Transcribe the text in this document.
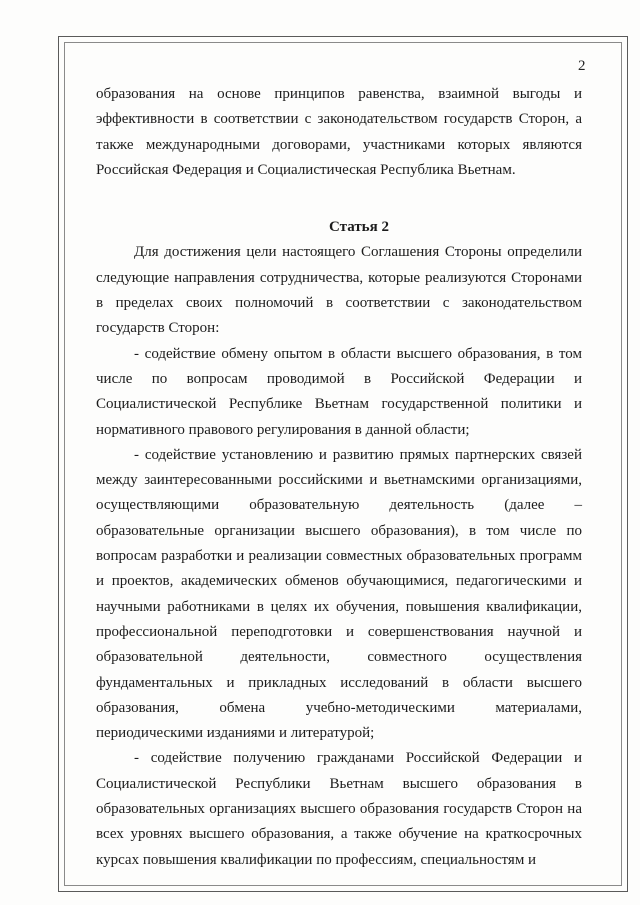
2

образования на основе принципов равенства, взаимной выгоды и эффективности в соответствии с законодательством государств Сторон, а также международными договорами, участниками которых являются Российская Федерация и Социалистическая Республика Вьетнам.

Статья 2

Для достижения цели настоящего Соглашения Стороны определили следующие направления сотрудничества, которые реализуются Сторонами в пределах своих полномочий в соответствии с законодательством государств Сторон:

- содействие обмену опытом в области высшего образования, в том числе по вопросам проводимой в Российской Федерации и Социалистической Республике Вьетнам государственной политики и нормативного правового регулирования в данной области;

- содействие установлению и развитию прямых партнерских связей между заинтересованными российскими и вьетнамскими организациями, осуществляющими образовательную деятельность (далее – образовательные организации высшего образования), в том числе по вопросам разработки и реализации совместных образовательных программ и проектов, академических обменов обучающимися, педагогическими и научными работниками в целях их обучения, повышения квалификации, профессиональной переподготовки и совершенствования научной и образовательной деятельности, совместного осуществления фундаментальных и прикладных исследований в области высшего образования, обмена учебно-методическими материалами, периодическими изданиями и литературой;

- содействие получению гражданами Российской Федерации и Социалистической Республики Вьетнам высшего образования в образовательных организациях высшего образования государств Сторон на всех уровнях высшего образования, а также обучение на краткосрочных курсах повышения квалификации по профессиям, специальностям и
